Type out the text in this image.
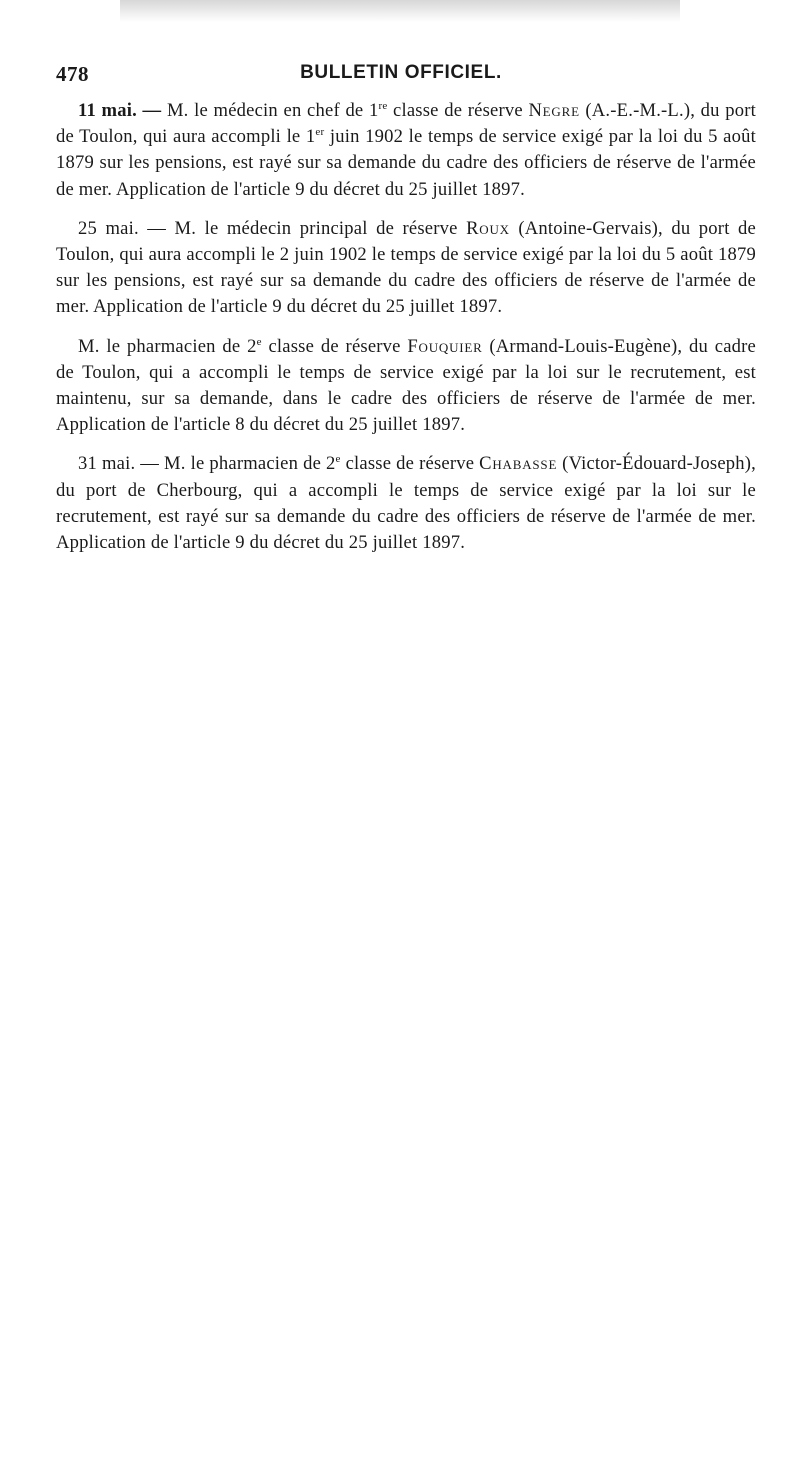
478	BULLETIN OFFICIEL.

11 mai. — M. le médecin en chef de 1re classe de réserve Negre (A.-E.-M.-L.), du port de Toulon, qui aura accompli le 1er juin 1902 le temps de service exigé par la loi du 5 août 1879 sur les pensions, est rayé sur sa demande du cadre des officiers de réserve de l'armée de mer. Application de l'article 9 du décret du 25 juillet 1897.

25 mai. — M. le médecin principal de réserve Roux (Antoine-Gervais), du port de Toulon, qui aura accompli le 2 juin 1902 le temps de service exigé par la loi du 5 août 1879 sur les pensions, est rayé sur sa demande du cadre des officiers de réserve de l'armée de mer. Application de l'article 9 du décret du 25 juillet 1897.

M. le pharmacien de 2e classe de réserve Fouquier (Armand-Louis-Eugène), du cadre de Toulon, qui a accompli le temps de service exigé par la loi sur le recrutement, est maintenu, sur sa demande, dans le cadre des officiers de réserve de l'armée de mer. Application de l'article 8 du décret du 25 juillet 1897.

31 mai. — M. le pharmacien de 2e classe de réserve Chabasse (Victor-Édouard-Joseph), du port de Cherbourg, qui a accompli le temps de service exigé par la loi sur le recrutement, est rayé sur sa demande du cadre des officiers de réserve de l'armée de mer. Application de l'article 9 du décret du 25 juillet 1897.
